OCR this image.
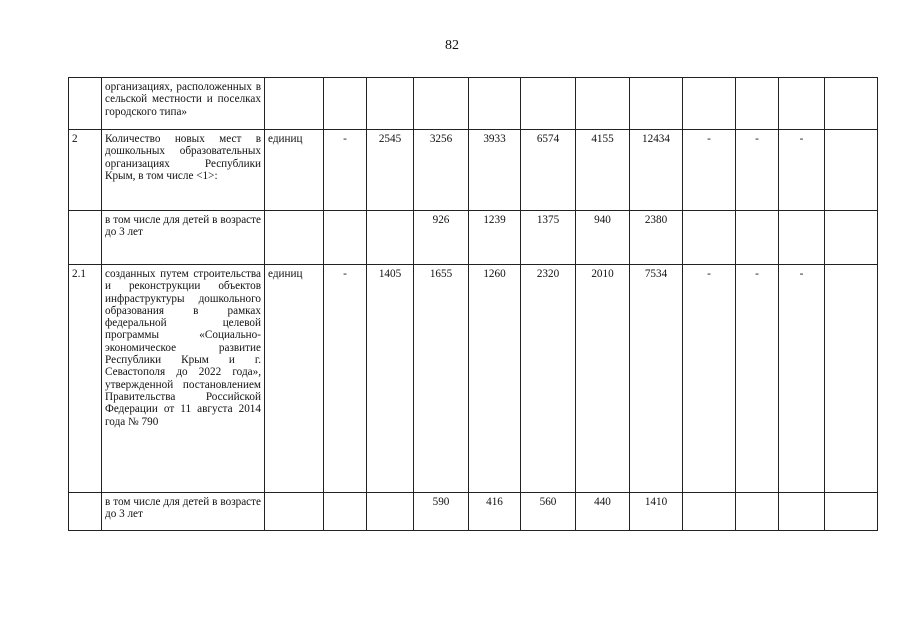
82
	организациях, расположенных в сельской местности и поселках городского типа»												
2	Количество новых мест в дошкольных образовательных организациях Республики Крым, в том числе <1>:	единиц	-	2545	3256	3933	6574	4155	12434	-	-	-	
	в том числе для детей в возрасте до 3 лет				926	1239	1375	940	2380				
2.1	созданных путем строительства и реконструкции объектов инфраструктуры дошкольного образования в рамках федеральной целевой программы «Социально-экономическое развитие Республики Крым и г. Севастополя до 2022 года», утвержденной постановлением Правительства Российской Федерации от 11 августа 2014 года № 790	единиц	-	1405	1655	1260	2320	2010	7534	-	-	-	
	в том числе для детей в возрасте до 3 лет				590	416	560	440	1410				
